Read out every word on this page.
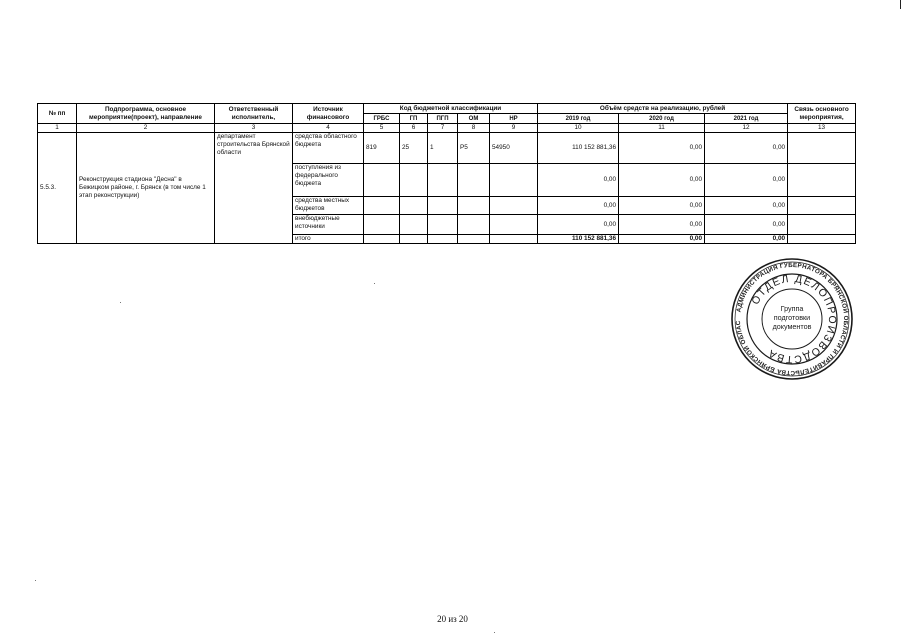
№ пп	Подпрограмма, основное мероприятие(проект), направление	Ответственный исполнитель,	Источник финансового	Код бюджетной классификации					Объём средств на реализацию, рублей			Связь основного мероприятия,
				ГРБС	ГП	ПГП	ОМ	НР	2019 год	2020 год	2021 год	
1	2	3	4	5	6	7	8	9	10	11	12	13
5.5.3.	Реконструкция стадиона "Десна" в Бежицком районе, г. Брянск (в том числе 1 этап реконструкции)	департамент строительства Брянской области	средства областного бюджета	819	25	1	P5	54950	110 152 881,36	0,00	0,00	
			поступления из федерального бюджета						0,00	0,00	0,00	
			средства местных бюджетов						0,00	0,00	0,00	
			внебюджетные источники						0,00	0,00	0,00	
			итого						110 152 881,36	0,00	0,00	
АДМИНИСТРАЦИЯ ГУБЕРНАТОРА БРЯНСКОЙ ОБЛАСТИ И ПРАВИТЕЛЬСТВА БРЯНСКОЙ ОБЛАС
ОТДЕЛ ДЕЛОПРОИЗВОДСТВА
Группа подготовки документов
20 из 20
